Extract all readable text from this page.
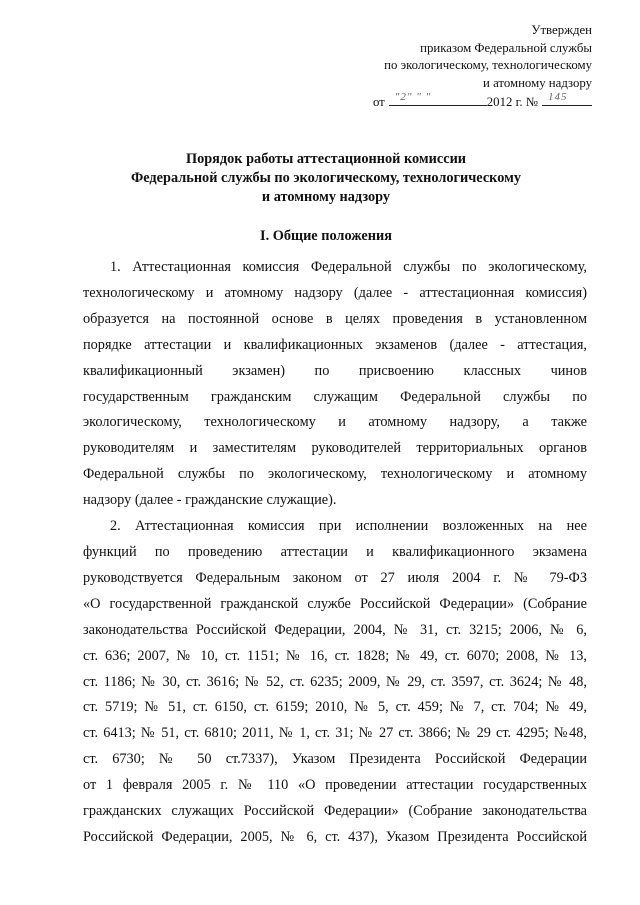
Утвержден
приказом Федеральной службы
по экологическому, технологическому
и атомному надзору
от "2" " "	2012 г. № 145
Порядок работы аттестационной комиссии
Федеральной службы по экологическому, технологическому
и атомному надзору
I. Общие положения
1. Аттестационная комиссия Федеральной службы по экологическому,
технологическому и атомному надзору (далее - аттестационная комиссия)
образуется на постоянной основе в целях проведения в установленном
порядке аттестации и квалификационных экзаменов (далее - аттестация,
квалификационный экзамен) по присвоению классных чинов
государственным гражданским служащим Федеральной службы по
экологическому, технологическому и атомному надзору, а также
руководителям и заместителям руководителей территориальных органов
Федеральной службы по экологическому, технологическому и атомному
надзору (далее - гражданские служащие).
2. Аттестационная комиссия при исполнении возложенных на нее
функций по проведению аттестации и квалификационного экзамена
руководствуется Федеральным законом от 27 июля 2004 г. № 79-ФЗ
«О государственной гражданской службе Российской Федерации» (Собрание
законодательства Российской Федерации, 2004, № 31, ст. 3215; 2006, № 6,
ст. 636; 2007, № 10, ст. 1151; № 16, ст. 1828; № 49, ст. 6070; 2008, № 13,
ст. 1186; № 30, ст. 3616; № 52, ст. 6235; 2009, № 29, ст. 3597, ст. 3624; № 48,
ст. 5719; № 51, ст. 6150, ст. 6159; 2010, № 5, ст. 459; № 7, ст. 704; № 49,
ст. 6413; № 51, ст. 6810; 2011, № 1, ст. 31; № 27 ст. 3866; № 29 ст. 4295; №48,
ст. 6730; № 50 ст.7337), Указом Президента Российской Федерации
от 1 февраля 2005 г. № 110 «О проведении аттестации государственных
гражданских служащих Российской Федерации» (Собрание законодательства
Российской Федерации, 2005, № 6, ст. 437), Указом Президента Российской
